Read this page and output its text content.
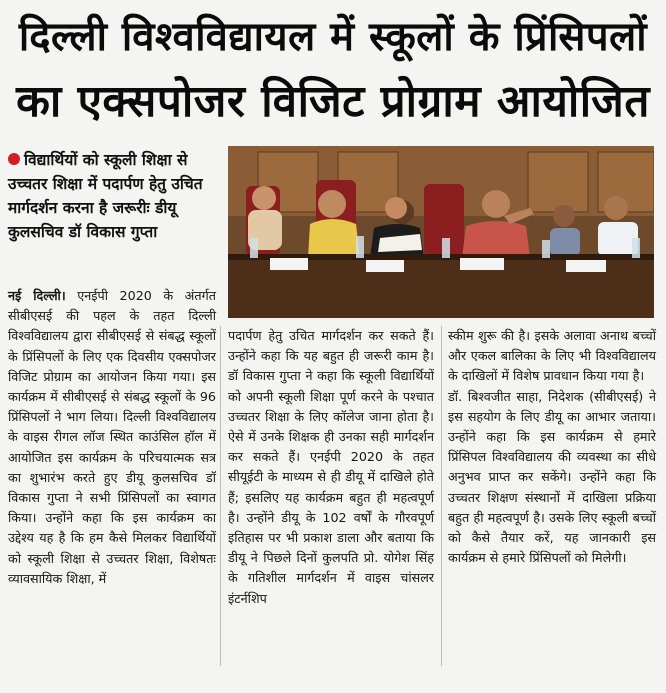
दिल्ली विश्वविद्यायल में स्कूलों के प्रिंसिपलों
का एक्सपोजर विजिट प्रोग्राम आयोजित
विद्यार्थियों को स्कूली शिक्षा से उच्चतर शिक्षा में पदार्पण हेतु उचित मार्गदर्शन करना है जरूरीः डीयू कुलसचिव डॉ विकास गुप्ता

नई दिल्ली। एनईपी 2020 के अंतर्गत सीबीएसई की पहल के तहत दिल्ली विश्वविद्यालय द्वारा सीबीएसई से संबद्ध स्कूलों के प्रिंसिपलों के लिए एक दिवसीय एक्सपोजर विजिट प्रोग्राम का आयोजन किया गया। इस कार्यक्रम में सीबीएसई से संबद्ध स्कूलों के 96 प्रिंसिपलों ने भाग लिया। दिल्ली विश्वविद्यालय के वाइस रीगल लॉज स्थित काउंसिल हॉल में आयोजित इस कार्यक्रम के परिचयात्मक सत्र का शुभारंभ करते हुए डीयू कुलसचिव डॉ विकास गुप्ता ने सभी प्रिंसिपलों का स्वागत किया। उन्होंने कहा कि इस कार्यक्रम का उद्देश्य यह है कि हम कैसे मिलकर विद्यार्थियों को स्कूली शिक्षा से उच्चतर शिक्षा, विशेषतः व्यावसायिक शिक्षा, में

पदार्पण हेतु उचित मार्गदर्शन कर सकते हैं। उन्होंने कहा कि यह बहुत ही जरूरी काम है। डॉ विकास गुप्ता ने कहा कि स्कूली विद्यार्थियों को अपनी स्कूली शिक्षा पूर्ण करने के पश्चात उच्चतर शिक्षा के लिए कॉलेज जाना होता है। ऐसे में उनके शिक्षक ही उनका सही मार्गदर्शन कर सकते हैं। एनईपी 2020 के तहत सीयूईटी के माध्यम से ही डीयू में दाखिले होते हैं; इसलिए यह कार्यक्रम बहुत ही महत्वपूर्ण है। उन्होंने डीयू के 102 वर्षों के गौरवपूर्ण इतिहास पर भी प्रकाश डाला और बताया कि डीयू ने पिछले दिनों कुलपति प्रो. योगेश सिंह के गतिशील मार्गदर्शन में वाइस चांसलर इंटर्नशिप

स्कीम शुरू की है। इसके अलावा अनाथ बच्चों और एकल बालिका के लिए भी विश्वविद्यालय के दाखिलों में विशेष प्रावधान किया गया है।

डॉ. बिश्वजीत साहा, निदेशक (सीबीएसई) ने इस सहयोग के लिए डीयू का आभार जताया। उन्होंने कहा कि इस कार्यक्रम से हमारे प्रिंसिपल विश्वविद्यालय की व्यवस्था का सीधे अनुभव प्राप्त कर सकेंगे। उन्होंने कहा कि उच्चतर शिक्षण संस्थानों में दाखिला प्रक्रिया बहुत ही महत्वपूर्ण है। उसके लिए स्कूली बच्चों को कैसे तैयार करें, यह जानकारी इस कार्यक्रम से हमारे प्रिंसिपलों को मिलेगी।
